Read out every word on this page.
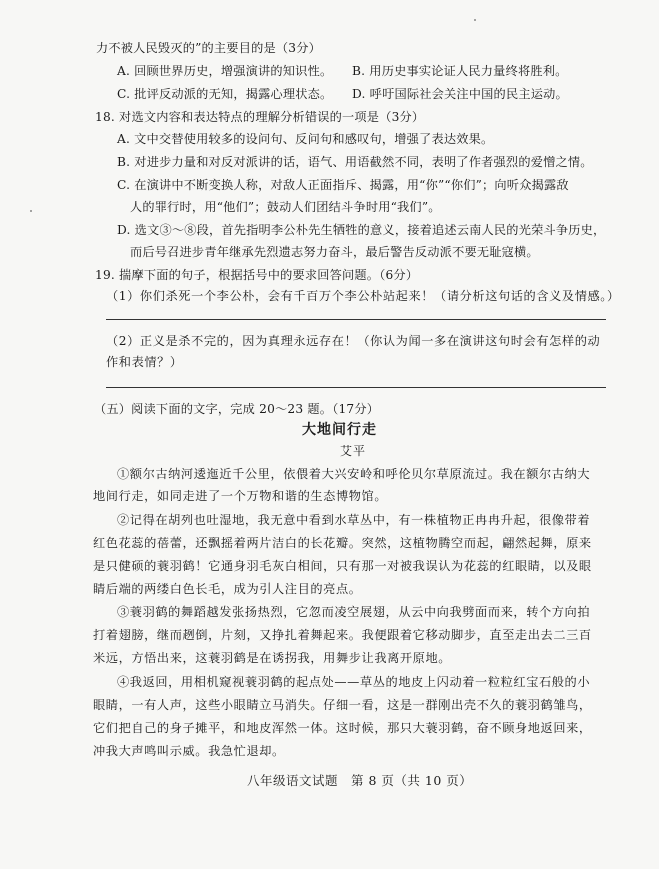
力不被人民毁灭的”的主要目的是（3分）
A. 回顾世界历史，增强演讲的知识性。 B. 用历史事实论证人民力量终将胜利。
C. 批评反动派的无知，揭露心理状态。 D. 呼吁国际社会关注中国的民主运动。
18. 对选文内容和表达特点的理解分析错误的一项是（3分）
A. 文中交替使用较多的设问句、反问句和感叹句，增强了表达效果。
B. 对进步力量和对反对派讲的话，语气、用语截然不同，表明了作者强烈的爱憎之情。
C. 在演讲中不断变换人称，对敌人正面指斥、揭露，用“你”“你们”；向听众揭露敌
人的罪行时，用“他们”；鼓动人们团结斗争时用“我们”。
D. 选文③～⑧段，首先指明李公朴先生牺牲的意义，接着追述云南人民的光荣斗争历史，
而后号召进步青年继承先烈遗志努力奋斗，最后警告反动派不要无耻寇横。
19. 揣摩下面的句子，根据括号中的要求回答问题。（6分）
（1）你们杀死一个李公朴，会有千百万个李公朴站起来！（请分析这句话的含义及情感。）
（2）正义是杀不完的，因为真理永远存在！（你认为闻一多在演讲这句时会有怎样的动
作和表情？）
（五）阅读下面的文字，完成 20～23 题。（17分）
大地间行走
艾平
①额尔古纳河逶迤近千公里，依偎着大兴安岭和呼伦贝尔草原流过。我在额尔古纳大
地间行走，如同走进了一个万物和谐的生态博物馆。
②记得在胡列也吐湿地，我无意中看到水草丛中，有一株植物正冉冉升起，很像带着
红色花蕊的蓓蕾，还飘摇着两片洁白的长花瓣。突然，这植物腾空而起，翩然起舞，原来
是只健硕的蓑羽鹤！它通身羽毛灰白相间，只有那一对被我误认为花蕊的红眼睛，以及眼
睛后端的两缕白色长毛，成为引人注目的亮点。
③蓑羽鹤的舞蹈越发张扬热烈，它忽而凌空展翅，从云中向我劈面而来，转个方向拍
打着翅膀，继而趔倒，片刻，又挣扎着舞起来。我便跟着它移动脚步，直至走出去二三百
米远，方悟出来，这蓑羽鹤是在诱拐我，用舞步让我离开原地。
④我返回，用相机窥视蓑羽鹤的起点处——草丛的地皮上闪动着一粒粒红宝石般的小
眼睛，一有人声，这些小眼睛立马消失。仔细一看，这是一群刚出壳不久的蓑羽鹤雏鸟，
它们把自己的身子摊平，和地皮浑然一体。这时候，那只大蓑羽鹤，奋不顾身地返回来，
冲我大声鸣叫示威。我急忙退却。
八年级语文试题　第 8 页（共 10 页）
